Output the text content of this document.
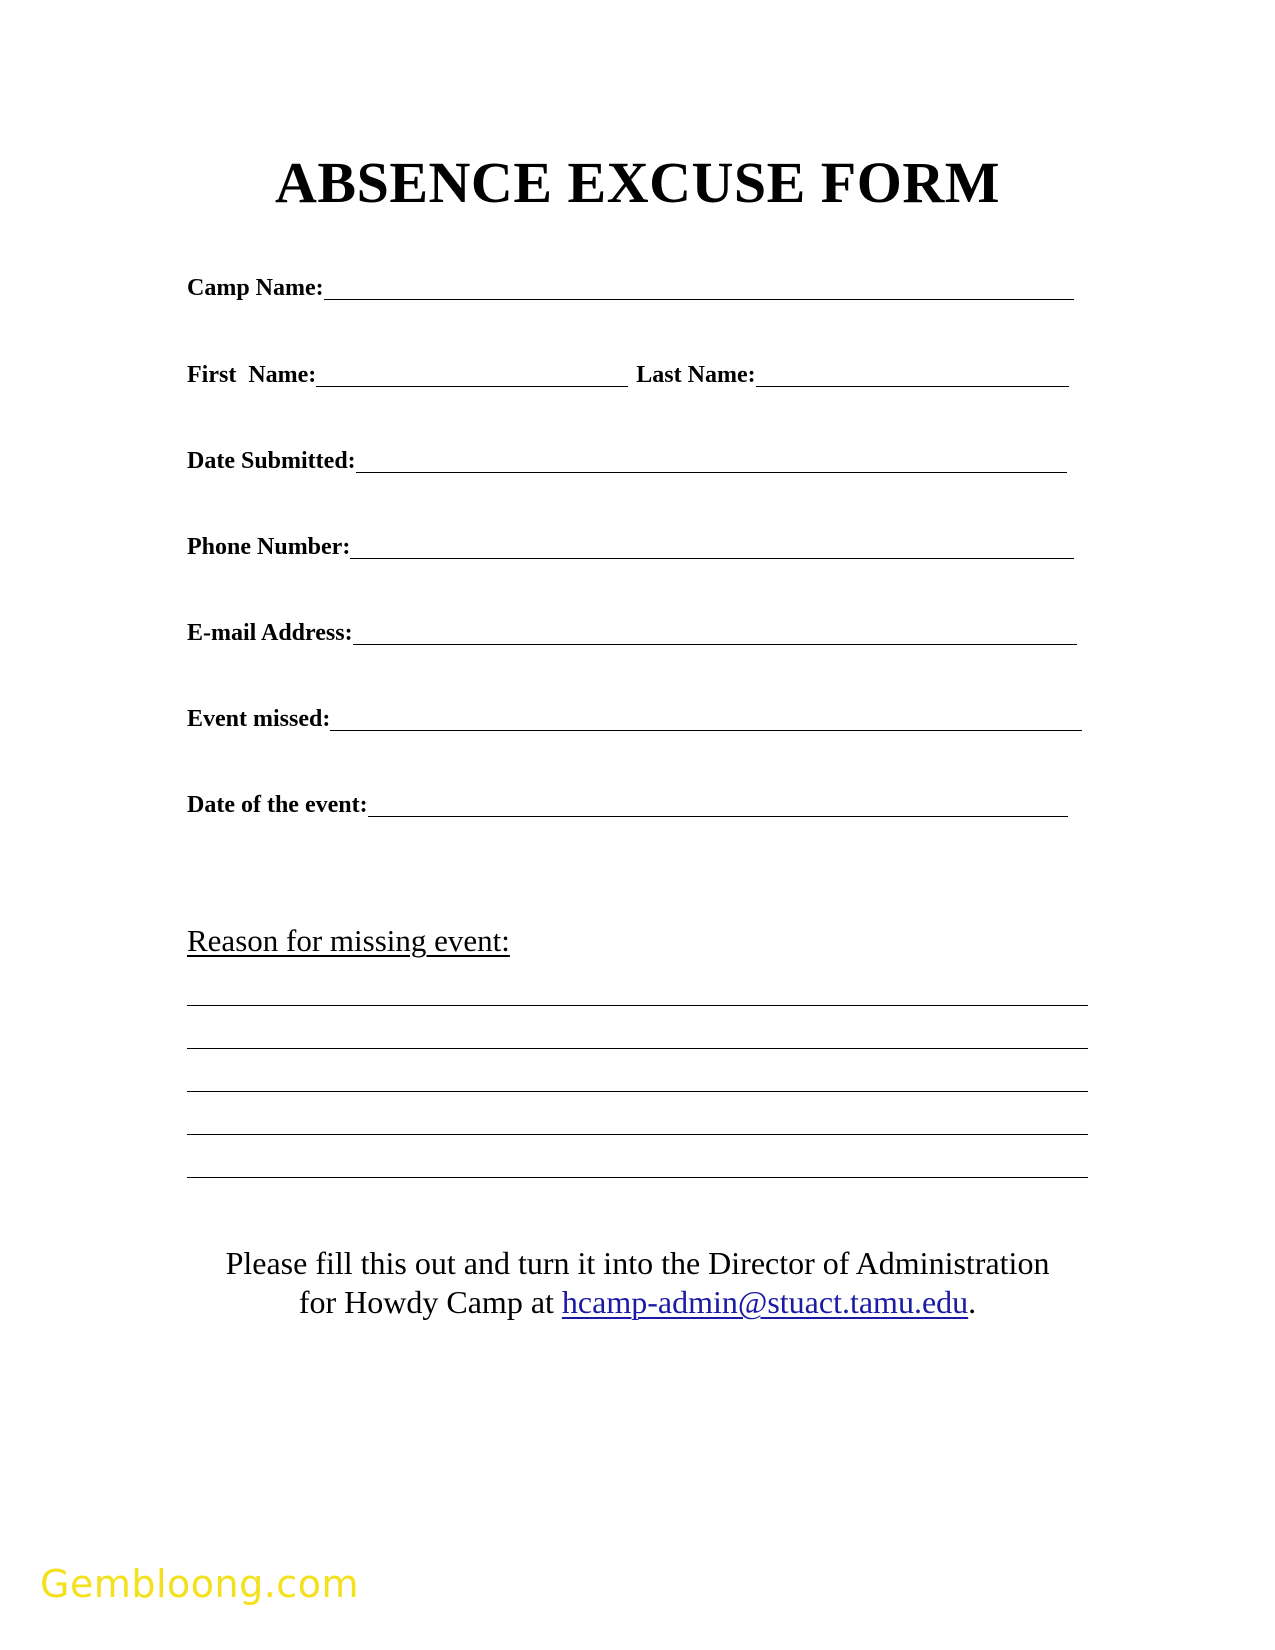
ABSENCE EXCUSE FORM
Camp Name:
First  Name:	Last Name:
Date Submitted:
Phone Number:
E-mail Address:
Event missed:
Date of the event:
Reason for missing event:
Please fill this out and turn it into the Director of Administration
for Howdy Camp at hcamp-admin@stuact.tamu.edu.
Gembloong.com
